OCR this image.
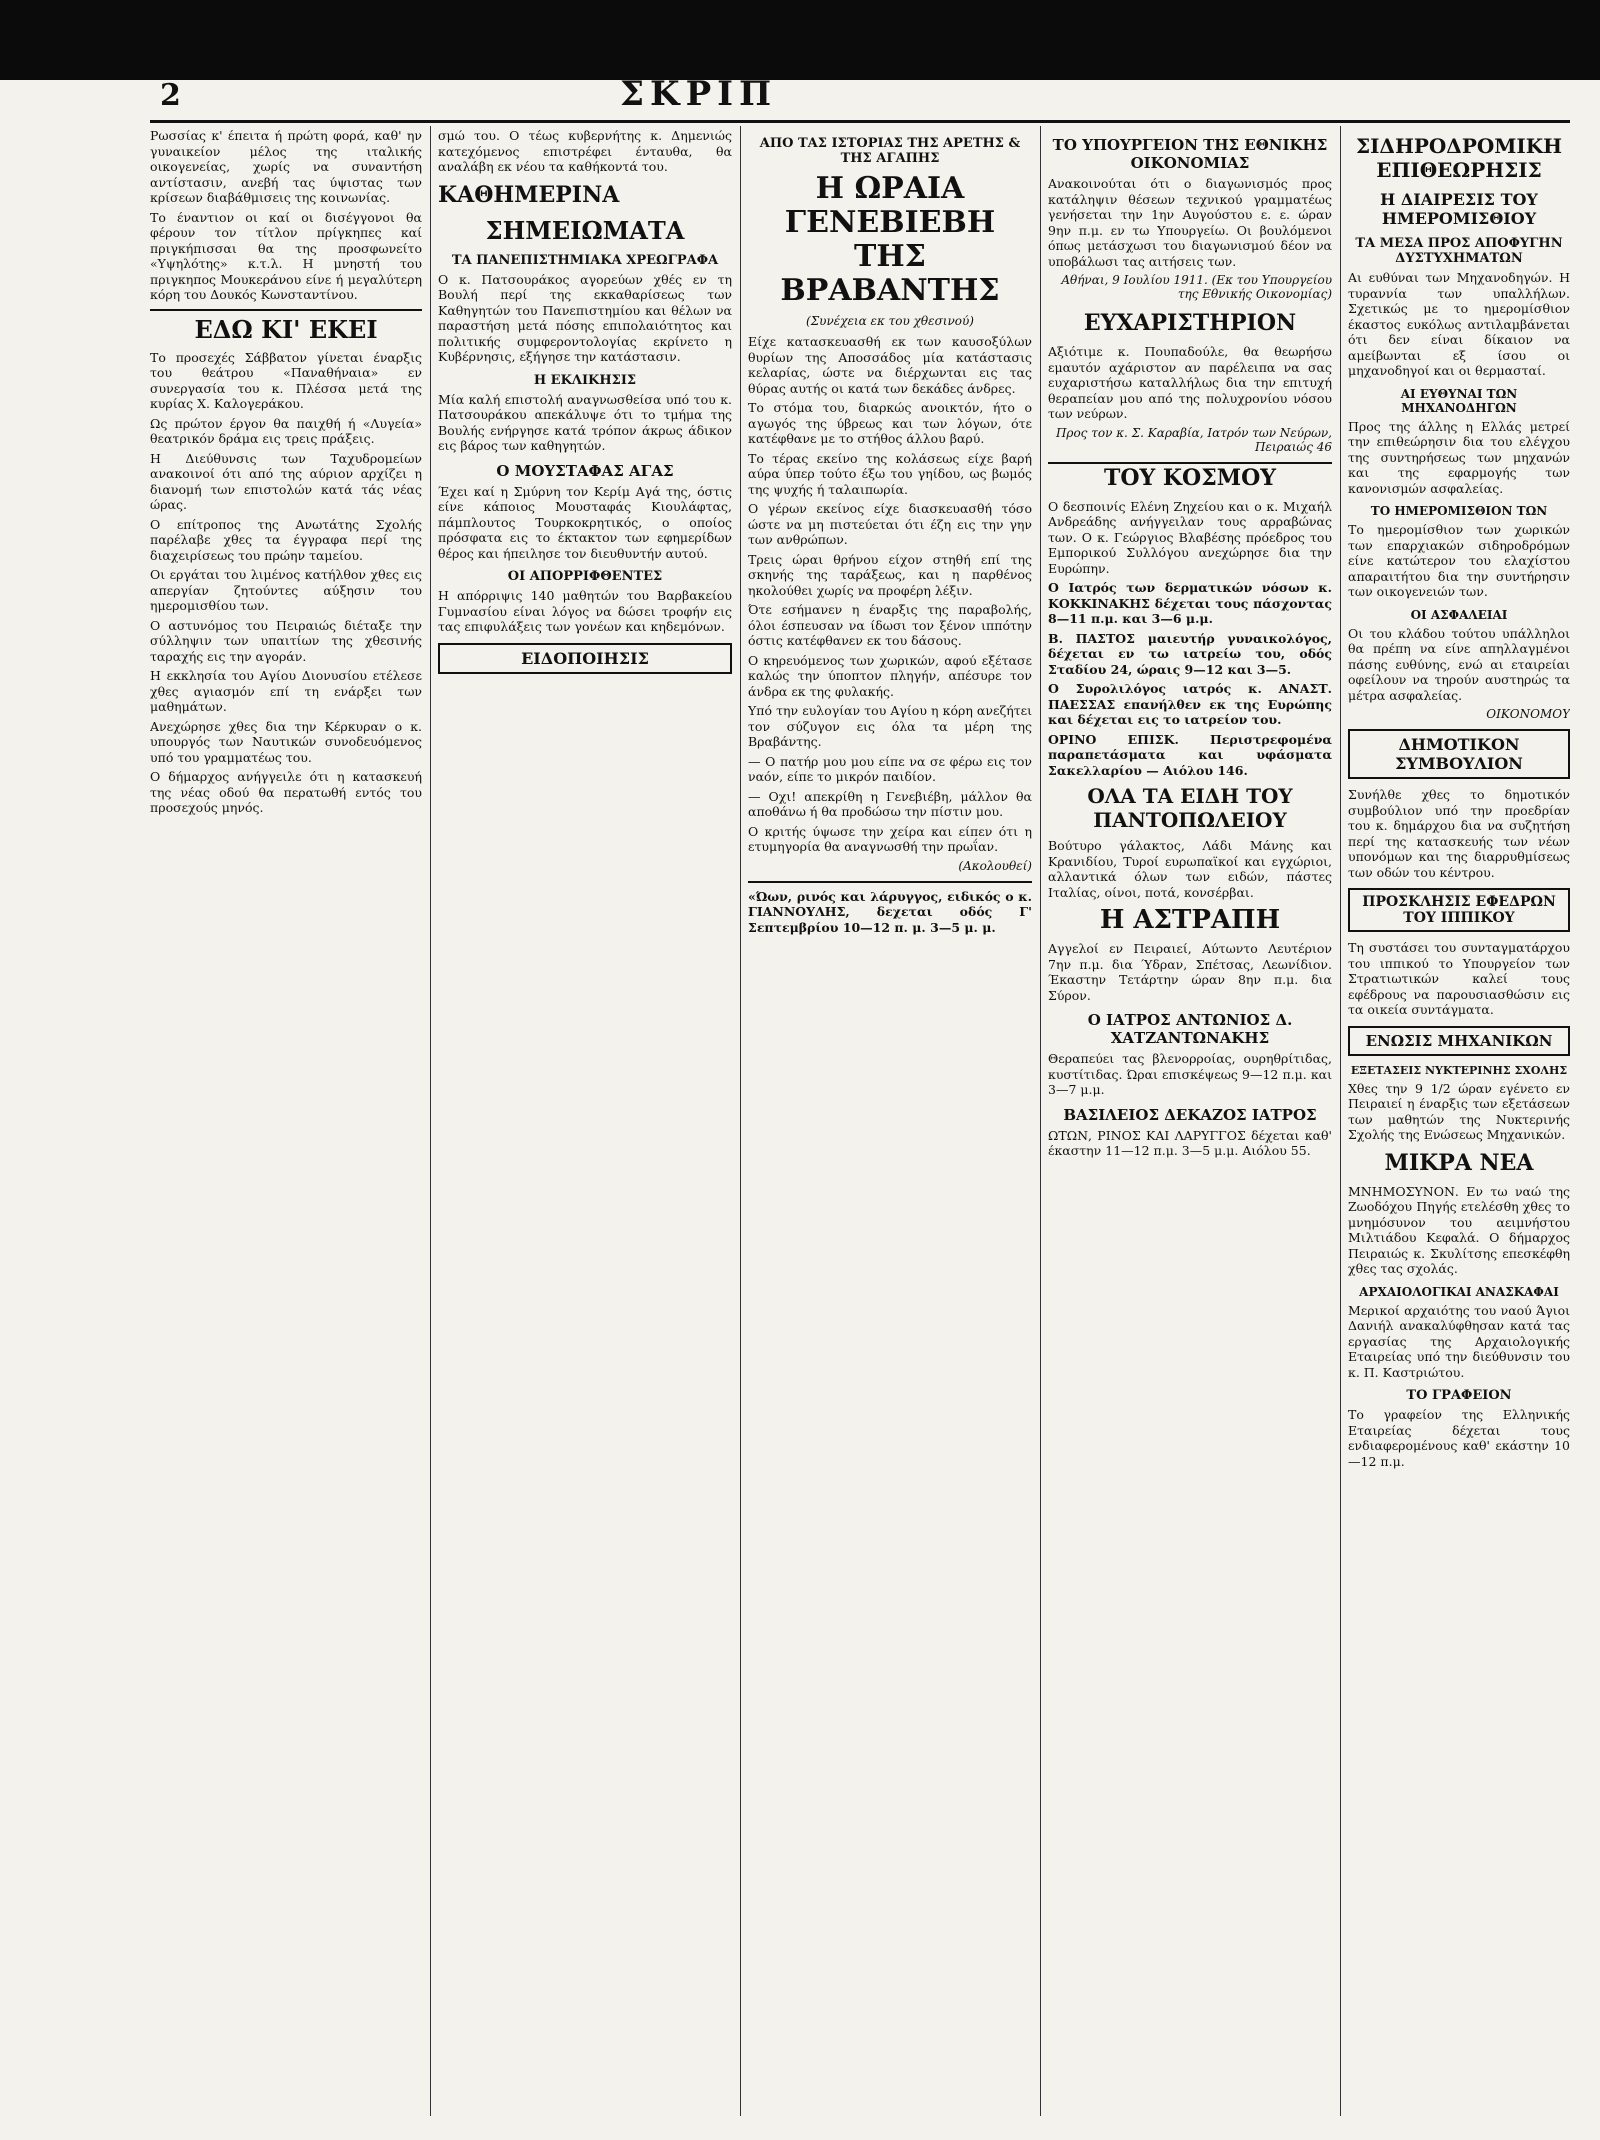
2	ΣΚΡΙΠ

Ρωσσίας κ' έπειτα ή πρώτη φορά, καθ' ην γυναικείον μέλος της ιταλικής οικογενείας, χωρίς να συναντήση αντίστασιν, ανεβή τας ύψιστας των κρίσεων διαβάθμισεις της κοινωνίας.

Το έναντιον οι καί οι δισέγγονοι θα φέρουν τον τίτλον πρίγκηπες καί πριγκήπισσαι θα της προσφωνείτο «Υψηλότης» κ.τ.λ. Η μνηστή του πριγκηπος Μουκεράνου είνε ή μεγαλύτερη κόρη του Δουκός Κωνσταντίνου.

ΕΔΩ ΚΙ' ΕΚΕΙ

Το προσεχές Σάββατον γίνεται έναρξις του θεάτρου «Παναθήναια» εν συνεργασία του κ. Πλέσσα μετά της κυρίας Χ. Καλογεράκου.

Ως πρώτον έργον θα παιχθή ή «Λυγεία» θεατρικόν δράμα εις τρεις πράξεις.

Η Διεύθυνσις των Ταχυδρομείων ανακοινοί ότι από της αύριον αρχίζει η διανομή των επιστολών κατά τάς νέας ώρας.

Ο επίτροπος της Ανωτάτης Σχολής παρέλαβε χθες τα έγγραφα περί της διαχειρίσεως του πρώην ταμείου.

Οι εργάται του λιμένος κατήλθον χθες εις απεργίαν ζητούντες αύξησιν του ημερομισθίου των.

Ο αστυνόμος του Πειραιώς διέταξε την σύλληψιν των υπαιτίων της χθεσινής ταραχής εις την αγοράν.

Η εκκλησία του Αγίου Διονυσίου ετέλεσε χθες αγιασμόν επί τη ενάρξει των μαθημάτων.

Ανεχώρησε χθες δια την Κέρκυραν ο κ. υπουργός των Ναυτικών συνοδευόμενος υπό του γραμματέως του.

Ο δήμαρχος ανήγγειλε ότι η κατασκευή της νέας οδού θα περατωθή εντός του προσεχούς μηνός.

σμώ του. Ο τέως κυβερνήτης κ. Δημενιώς κατεχόμενος επιστρέφει ένταυθα, θα αναλάβη εκ νέου τα καθήκοντά του.

ΚΑΘΗΜΕΡΙΝΑ
ΣΗΜΕΙΩΜΑΤΑ
ΤΑ ΠΑΝΕΠΙΣΤΗΜΙΑΚΑ ΧΡΕΩΓΡΑΦΑ

Ο κ. Πατσουράκος αγορεύων χθές εν τη Βουλή περί της εκκαθαρίσεως των Καθηγητών του Πανεπιστημίου και θέλων να παραστήση μετά πόσης επιπολαιότητος και πολιτικής συμφεροντολογίας εκρίνετο η Κυβέρνησις, εξήγησε την κατάστασιν.

Η ΕΚΛΙΚΗΣΙΣ

Μία καλή επιστολή αναγνωσθείσα υπό του κ. Πατσουράκου απεκάλυψε ότι το τμήμα της Βουλής ενήργησε κατά τρόπον άκρως άδικον εις βάρος των καθηγητών.

Ο ΜΟΥΣΤΑΦΑΣ ΑΓΑΣ

Έχει καί η Σμύρνη τον Κερίμ Αγά της, όστις είνε κάποιος Μουσταφάς Κιουλάφτας, πάμπλουτος Τουρκοκρητικός, ο οποίος πρόσφατα εις το έκτακτον των εφημερίδων θέρος και ήπειλησε τον διευθυντήν αυτού.

ΟΙ ΑΠΟΡΡΙΦΘΕΝΤΕΣ

Η απόρριψις 140 μαθητών του Βαρβακείου Γυμνασίου είναι λόγος να δώσει τροφήν εις τας επιφυλάξεις των γονέων και κηδεμόνων.

ΕΙΔΟΠΟΙΗΣΙΣ
ΑΠΟ ΤΑΣ ΙΣΤΟΡΙΑΣ ΤΗΣ ΑΡΕΤΗΣ & ΤΗΣ ΑΓΑΠΗΣ
Η ΩΡΑΙΑ ΓΕΝΕΒΙΕΒΗ ΤΗΣ ΒΡΑΒΑΝΤΗΣ
(Συνέχεια εκ του χθεσινού)

Είχε κατασκευασθή εκ των καυσοξύλων θυρίων της Αποσσάδος μία κατάστασις κελαρίας, ώστε να διέρχωνται εις τας θύρας αυτής οι κατά των δεκάδες άνδρες.

Το στόμα του, διαρκώς ανοικτόν, ήτο ο αγωγός της ύβρεως και των λόγων, ότε κατέφθανε με το στήθος άλλου βαρύ.

Το τέρας εκείνο της κολάσεως είχε βαρή αύρα ύπερ τούτο έξω του γηίδου, ως βωμός της ψυχής ή ταλαιπωρία.

Ο γέρων εκείνος είχε διασκευασθή τόσο ώστε να μη πιστεύεται ότι έζη εις την γην των ανθρώπων.

Τρεις ώραι θρήνου είχον στηθή επί της σκηνής της ταράξεως, και η παρθένος ηκολούθει χωρίς να προφέρη λέξιν.

Ότε εσήμανεν η έναρξις της παραβολής, όλοι έσπευσαν να ίδωσι τον ξένον ιππότην όστις κατέφθανεν εκ του δάσους.

Ο κηρευόμενος των χωρικών, αφού εξέτασε καλώς την ύποπτον πληγήν, απέσυρε τον άνδρα εκ της φυλακής.

Υπό την ευλογίαν του Αγίου η κόρη ανεζήτει τον σύζυγον εις όλα τα μέρη της Βραβάντης.

— Ο πατήρ μου μου είπε να σε φέρω εις τον ναόν, είπε το μικρόν παιδίον.

— Οχι! απεκρίθη η Γενεβιέβη, μάλλον θα αποθάνω ή θα προδώσω την πίστιν μου.

Ο κριτής ύψωσε την χείρα και είπεν ότι η ετυμηγορία θα αναγνωσθή την πρωΐαν.

(Ακολουθεί)

«Ώων, ρινός και λάρυγγος, ειδικός ο κ. ΓΙΑΝΝΟΥΛΗΣ, δεχεται οδός Γ' Σεπτεμβρίου 10—12 π. μ. 3—5 μ. μ.

ΤΟ ΥΠΟΥΡΓΕΙΟΝ ΤΗΣ ΕΘΝΙΚΗΣ ΟΙΚΟΝΟΜΙΑΣ

Ανακοινούται ότι ο διαγωνισμός προς κατάληψιν θέσεων τεχνικού γραμματέως γενήσεται την 1ην Αυγούστου ε. ε. ώραν 9ην π.μ. εν τω Υπουργείω. Οι βουλόμενοι όπως μετάσχωσι του διαγωνισμού δέον να υποβάλωσι τας αιτήσεις των.

Αθήναι, 9 Ιουλίου 1911. (Εκ του Υπουργείου της Εθνικής Οικονομίας)
ΕΥΧΑΡΙΣΤΗΡΙΟΝ

Αξιότιμε κ. Πουπαδούλε, θα θεωρήσω εμαυτόν αχάριστον αν παρέλειπα να σας ευχαριστήσω καταλλήλως δια την επιτυχή θεραπείαν μου από της πολυχρονίου νόσου των νεύρων.

Προς τον κ. Σ. Καραβία, Ιατρόν των Νεύρων, Πειραιώς 46
ΤΟΥ ΚΟΣΜΟΥ

Ο δεσποινίς Ελένη Ζηχείου και ο κ. Μιχαήλ Ανδρεάδης ανήγγειλαν τους αρραβώνας των. Ο κ. Γεώργιος Βλαβέσης πρόεδρος του Εμπορικού Συλλόγου ανεχώρησε δια την Ευρώπην.

Ο Ιατρός των δερματικών νόσων κ. ΚΟΚΚΙΝΑΚΗΣ δέχεται τους πάσχοντας 8—11 π.μ. και 3—6 μ.μ.

Β. ΠΑΣΤΟΣ μαιευτήρ γυναικολόγος, δέχεται εν τω ιατρείω του, οδός Σταδίου 24, ώραις 9—12 και 3—5.

Ο Συρολιλόγος ιατρός κ. ΑΝΑΣΤ. ΠΑΕΣΣΑΣ επανήλθεν εκ της Ευρώπης και δέχεται εις το ιατρείον του.

ΟΡΙΝΟ ΕΠΙΣΚ. Περιστρεφομένα παραπετάσματα και υφάσματα Σακελλαρίου — Αιόλου 146.

ΟΛΑ ΤΑ ΕΙΔΗ ΤΟΥ ΠΑΝΤΟΠΩΛΕΙΟΥ

Βούτυρο γάλακτος, Λάδι Μάνης και Κρανιδίου, Τυροί ευρωπαϊκοί και εγχώριοι, αλλαντικά όλων των ειδών, πάστες Ιταλίας, οίνοι, ποτά, κονσέρβαι.

Η ΑΣΤΡΑΠΗ

Αγγελοί εν Πειραιεί, Αύτωντο Λευτέριον 7ην π.μ. δια Ύδραν, Σπέτσας, Λεωνίδιον. Έκαστην Τετάρτην ώραν 8ην π.μ. δια Σύρον.

Ο ΙΑΤΡΟΣ ΑΝΤΩΝΙΟΣ Δ. ΧΑΤΖΑΝΤΩΝΑΚΗΣ

Θεραπεύει τας βλενορροίας, ουρηθρίτιδας, κυστίτιδας. Ώραι επισκέψεως 9—12 π.μ. και 3—7 μ.μ.

ΒΑΣΙΛΕΙΟΣ ΔΕΚΑΖΟΣ ΙΑΤΡΟΣ

ΩΤΩΝ, ΡΙΝΟΣ ΚΑΙ ΛΑΡΥΓΓΟΣ δέχεται καθ' έκαστην 11—12 π.μ. 3—5 μ.μ. Αιόλου 55.

ΣΙΔΗΡΟΔΡΟΜΙΚΗ ΕΠΙΘΕΩΡΗΣΙΣ
Η ΔΙΑΙΡΕΣΙΣ ΤΟΥ ΗΜΕΡΟΜΙΣΘΙΟΥ
ΤΑ ΜΕΣΑ ΠΡΟΣ ΑΠΟΦΥΓΗΝ ΔΥΣΤΥΧΗΜΑΤΩΝ

Αι ευθύναι των Μηχανοδηγών. Η τυραννία των υπαλλήλων. Σχετικώς με το ημερομίσθιον έκαστος ευκόλως αντιλαμβάνεται ότι δεν είναι δίκαιον να αμείβωνται εξ ίσου οι μηχανοδηγοί και οι θερμασταί.

ΑΙ ΕΥΘΥΝΑΙ ΤΩΝ ΜΗΧΑΝΟΔΗΓΩΝ

Προς της άλλης η Ελλάς μετρεί την επιθεώρησιν δια του ελέγχου της συντηρήσεως των μηχανών και της εφαρμογής των κανονισμών ασφαλείας.

ΤΟ ΗΜΕΡΟΜΙΣΘΙΟΝ ΤΩΝ

Το ημερομίσθιον των χωρικών των επαρχιακών σιδηροδρόμων είνε κατώτερον του ελαχίστου απαραιτήτου δια την συντήρησιν των οικογενειών των.

ΟΙ ΑΣΦΑΛΕΙΑΙ

Οι του κλάδου τούτου υπάλληλοι θα πρέπη να είνε απηλλαγμένοι πάσης ευθύνης, ενώ αι εταιρείαι οφείλουν να τηρούν αυστηρώς τα μέτρα ασφαλείας.

ΟΙΚΟΝΟΜΟΥ
ΔΗΜΟΤΙΚΟΝ ΣΥΜΒΟΥΛΙΟΝ

Συνήλθε χθες το δημοτικόν συμβούλιον υπό την προεδρίαν του κ. δημάρχου δια να συζητήση περί της κατασκευής των νέων υπονόμων και της διαρρυθμίσεως των οδών του κέντρου.

ΠΡΟΣΚΛΗΣΙΣ ΕΦΕΔΡΩΝ ΤΟΥ ΙΠΠΙΚΟΥ

Τη συστάσει του συνταγματάρχου του ιππικού το Υπουργείον των Στρατιωτικών καλεί τους εφέδρους να παρουσιασθώσιν εις τα οικεία συντάγματα.

ΕΝΩΣΙΣ ΜΗΧΑΝΙΚΩΝ
ΕΞΕΤΑΣΕΙΣ ΝΥΚΤΕΡΙΝΗΣ ΣΧΟΛΗΣ

Χθες την 9 1/2 ώραν εγένετο εν Πειραιεί η έναρξις των εξετάσεων των μαθητών της Νυκτερινής Σχολής της Ενώσεως Μηχανικών.

ΜΙΚΡΑ ΝΕΑ

ΜΝΗΜΟΣΥΝΟΝ. Εν τω ναώ της Ζωοδόχου Πηγής ετελέσθη χθες το μνημόσυνον του αειμνήστου Μιλτιάδου Κεφαλά. Ο δήμαρχος Πειραιώς κ. Σκυλίτσης επεσκέφθη χθες τας σχολάς.

ΑΡΧΑΙΟΛΟΓΙΚΑΙ ΑΝΑΣΚΑΦΑΙ

Μερικοί αρχαιότης του ναού Άγιοι Δανιήλ ανακαλύφθησαν κατά τας εργασίας της Αρχαιολογικής Εταιρείας υπό την διεύθυνσιν του κ. Π. Καστριώτου.

ΤΟ ΓΡΑΦΕΙΟΝ

Το γραφείον της Ελληνικής Εταιρείας δέχεται τους ενδιαφερομένους καθ' εκάστην 10—12 π.μ.
